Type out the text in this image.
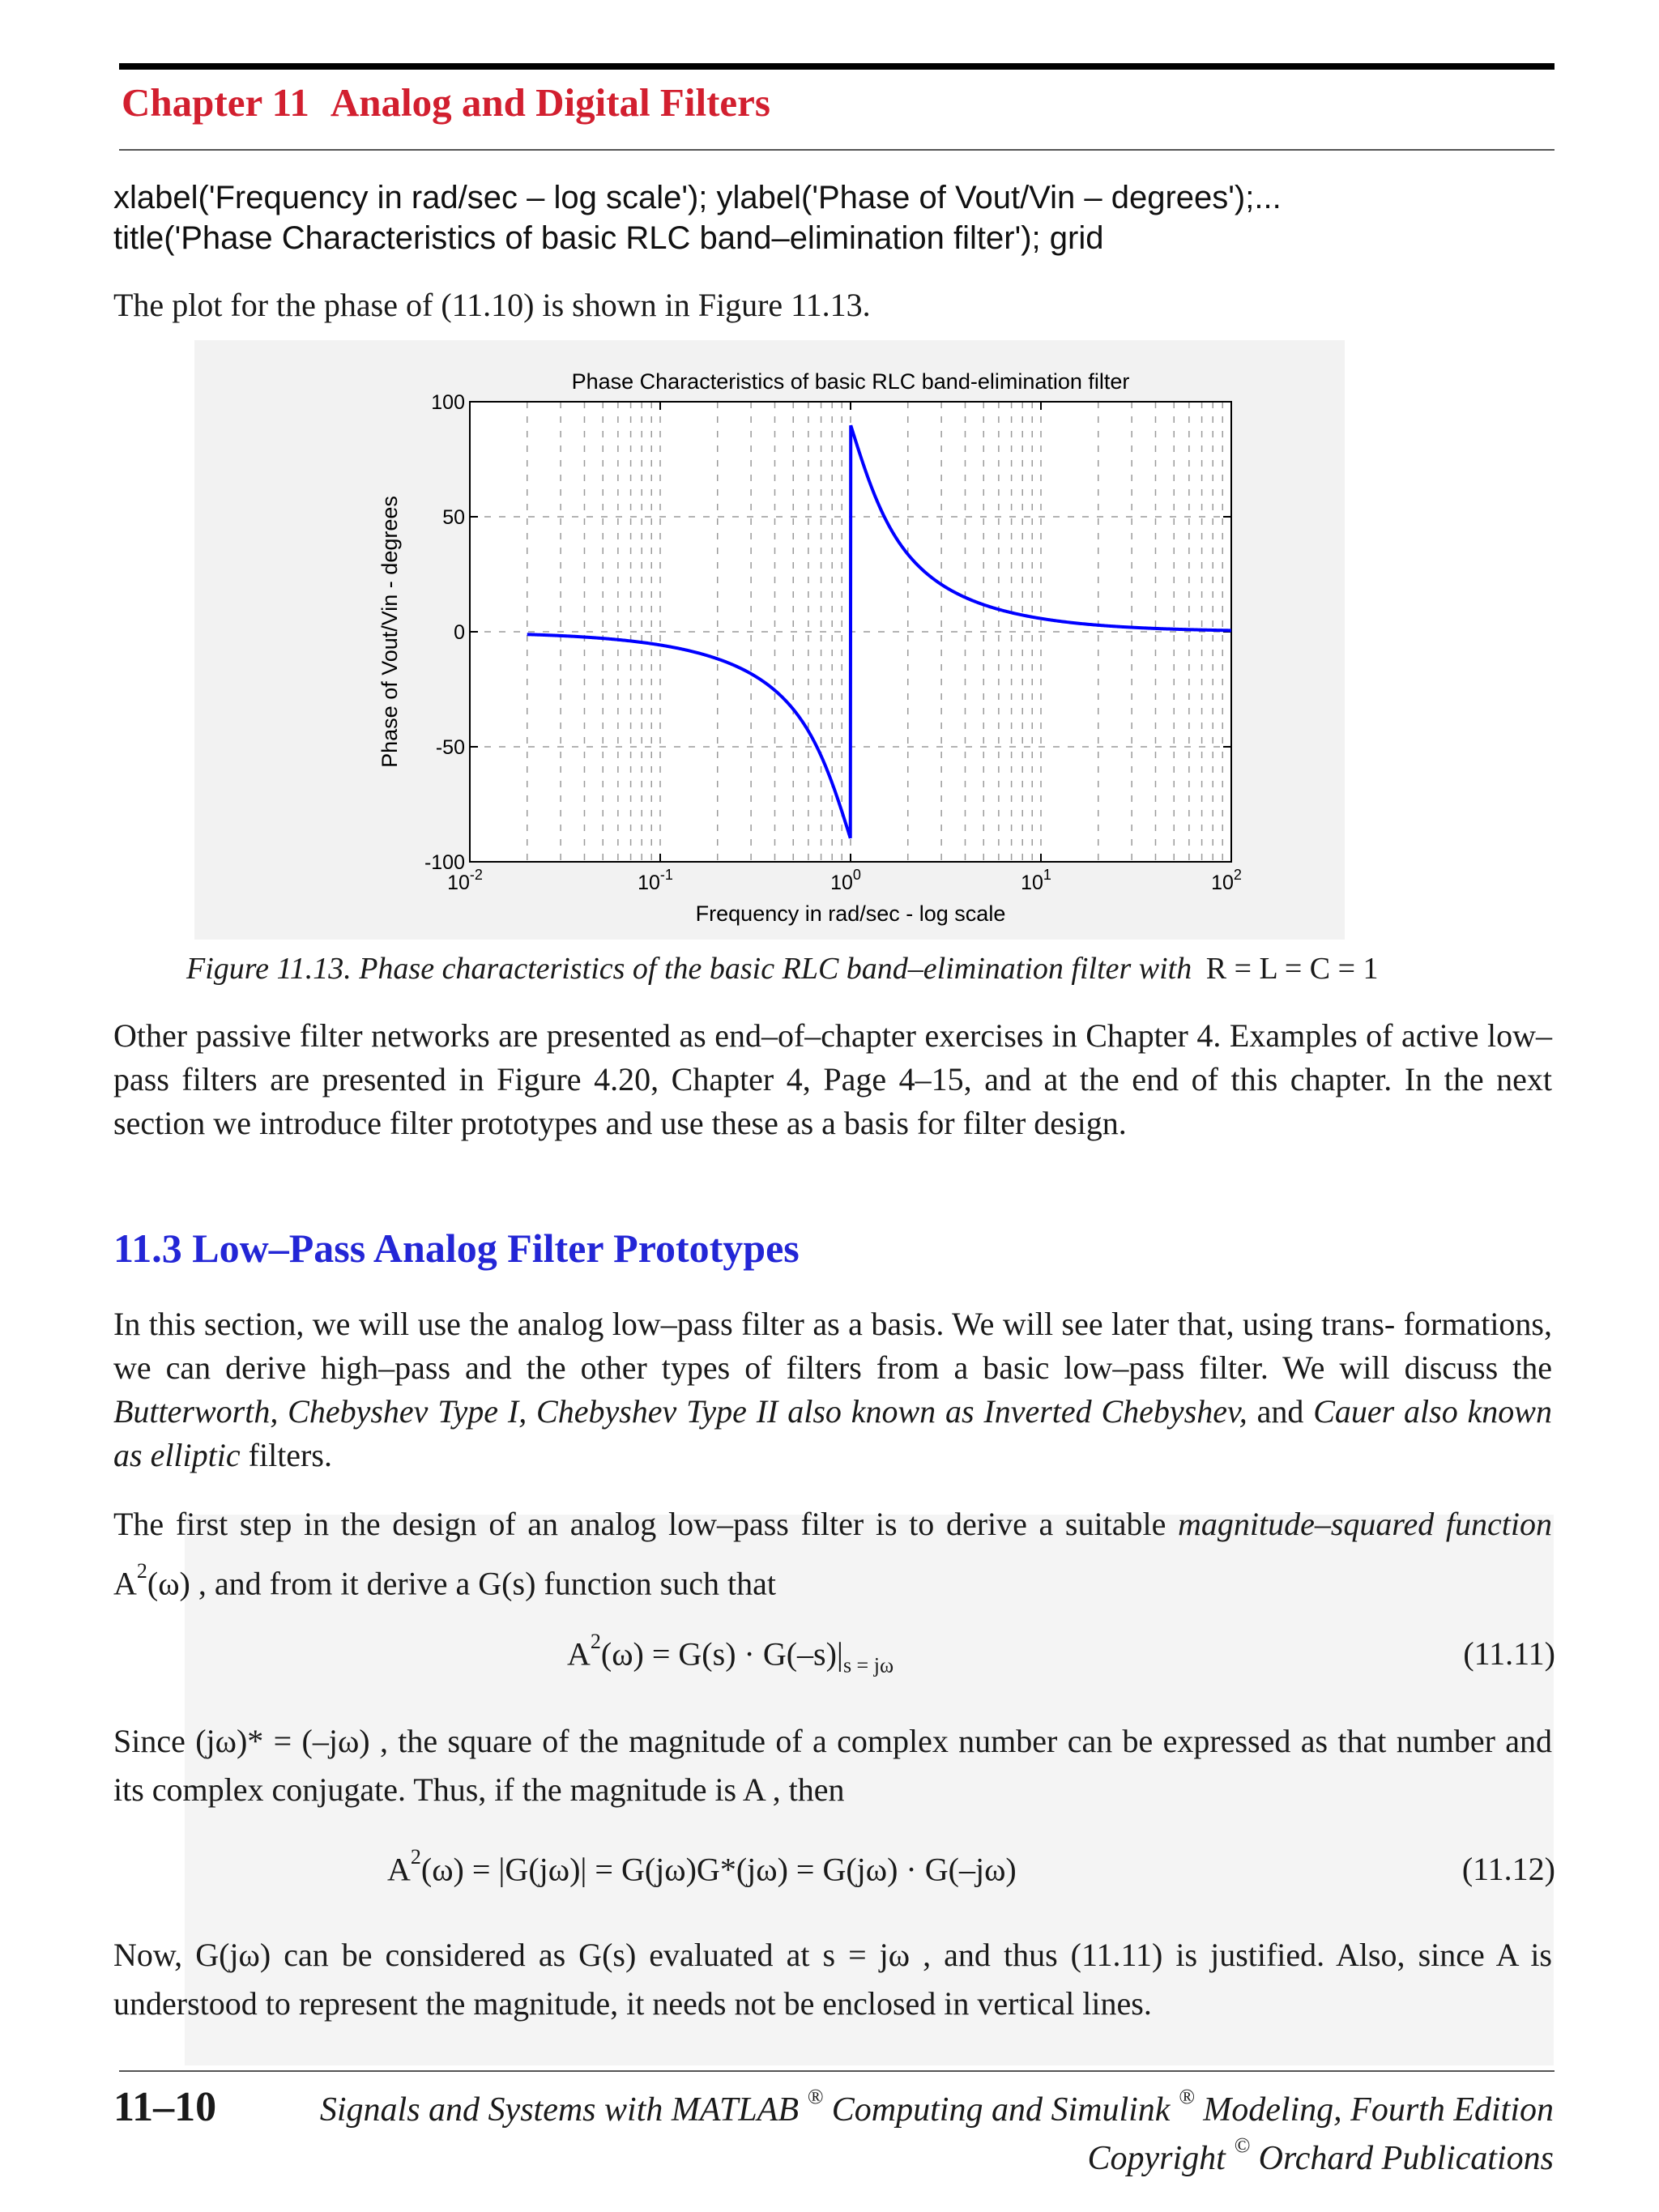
Chapter 11 Analog and Digital Filters
xlabel('Frequency in rad/sec – log scale'); ylabel('Phase of Vout/Vin – degrees');...
title('Phase Characteristics of basic RLC band–elimination filter'); grid
The plot for the phase of (11.10) is shown in Figure 11.13.
Phase Characteristics of basic RLC band-elimination filter
100
50
0
-50
-100
$10^{-2}$	$10^{-1}$	$10^0$	$10^1$	$10^2$
Frequency in rad/sec - log scale
Phase of Vout/Vin - degrees
Figure 11.13. Phase characteristics of the basic RLC band–elimination filter with R = L = C = 1
Other passive filter networks are presented as end–of–chapter exercises in Chapter 4. Examples of active low–pass filters are presented in Figure 4.20, Chapter 4, Page 4–15, and at the end of this chapter. In the next section we introduce filter prototypes and use these as a basis for filter design.
11.3 Low–Pass Analog Filter Prototypes
In this section, we will use the analog low–pass filter as a basis. We will see later that, using trans- formations, we can derive high–pass and the other types of filters from a basic low–pass filter. We will discuss the Butterworth, Chebyshev Type I, Chebyshev Type II also known as Inverted Chebyshev, and Cauer also known as elliptic filters.
The first step in the design of an analog low–pass filter is to derive a suitable magnitude–squared function $A^2(\omega)$ , and from it derive a G(s) function such that
$A^2(\omega) = G(s) \cdot G(-s)|_{s = j\omega}$	(11.11)
Since (jω)* = (–jω) , the square of the magnitude of a complex number can be expressed as that number and its complex conjugate. Thus, if the magnitude is A , then
$A^2(\omega) = |G(j\omega)| = G(j\omega)G*(j\omega) = G(j\omega) \cdot G(-j\omega)$	(11.12)
Now, G(jω) can be considered as G(s) evaluated at s = jω , and thus (11.11) is justified. Also, since A is understood to represent the magnitude, it needs not be enclosed in vertical lines.
11–10	Signals and Systems with MATLAB ® Computing and Simulink ® Modeling, Fourth Edition
Copyright © Orchard Publications
